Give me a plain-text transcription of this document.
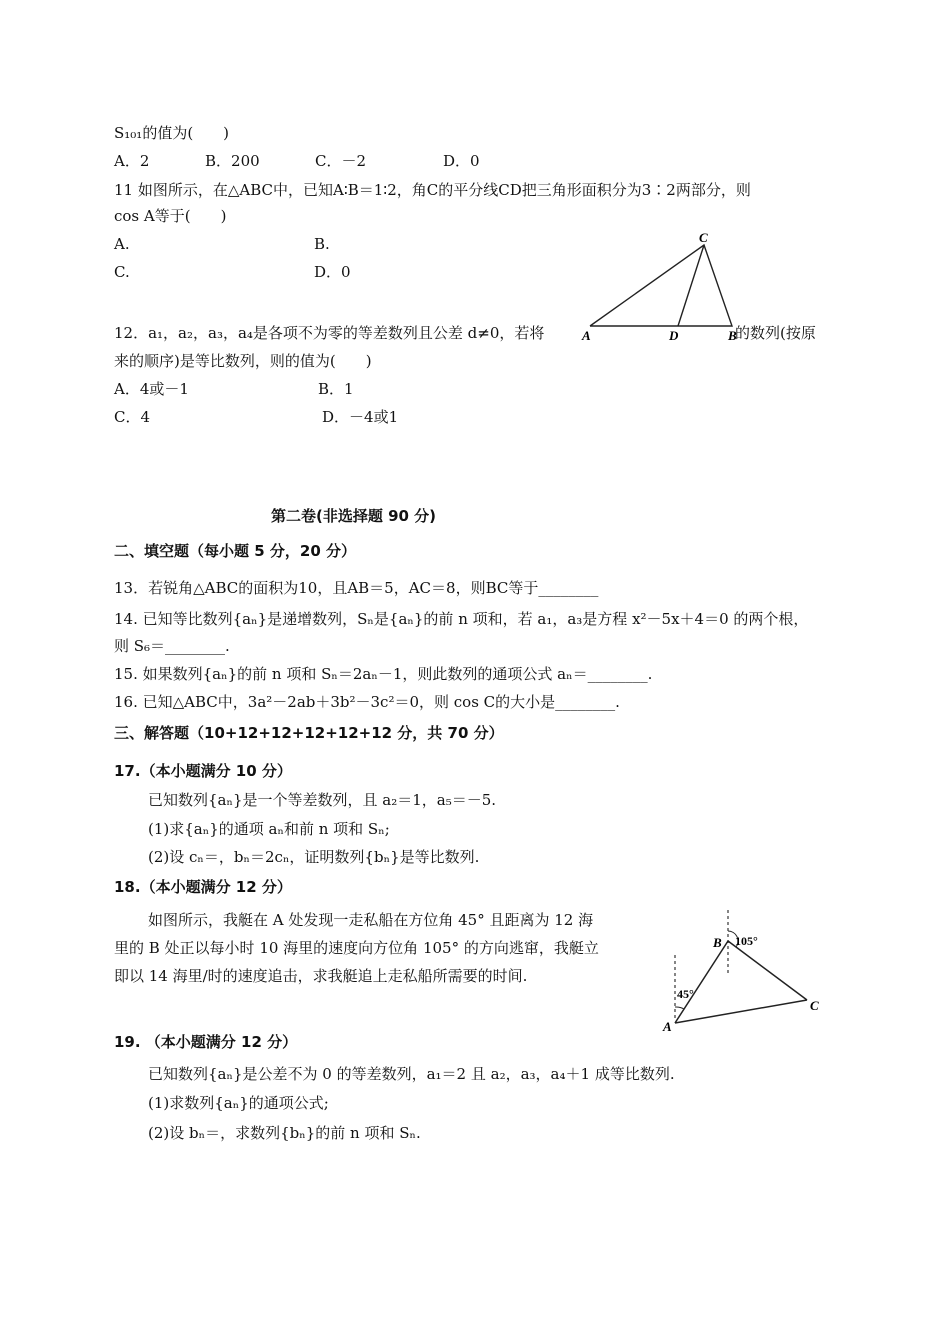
S₁₀₁的值为(　　)
A．2	B．200	C．－2	D．0
11 如图所示，在△ABC中，已知A∶B＝1∶2，角C的平分线CD把三角形面积分为3∶2两部分，则
cos A等于(　　)
A.	B.
C.	D．0
12．a₁，a₂，a₃，a₄是各项不为零的等差数列且公差 d≠0，若将	的数列(按原
来的顺序)是等比数列，则的值为(　　)
A．4或－1	B．1
C．4	D．－4或1
C
A	D	B
第二卷(非选择题 90 分)
二、填空题（每小题 5 分，20 分）
13．若锐角△ABC的面积为10，且AB＝5，AC＝8，则BC等于________
14. 已知等比数列{aₙ}是递增数列，Sₙ是{aₙ}的前 n 项和，若 a₁，a₃是方程 x²－5x＋4＝0 的两个根，
则 S₆＝________.
15. 如果数列{aₙ}的前 n 项和 Sₙ＝2aₙ－1，则此数列的通项公式 aₙ＝________.
16. 已知△ABC中，3a²－2ab＋3b²－3c²＝0，则 cos C的大小是________.
三、解答题（10+12+12+12+12+12 分，共 70 分）
17.（本小题满分 10 分）
已知数列{aₙ}是一个等差数列，且 a₂＝1，a₅＝－5.
(1)求{aₙ}的通项 aₙ和前 n 项和 Sₙ;
(2)设 cₙ＝，bₙ＝2cₙ，证明数列{bₙ}是等比数列.
18.（本小题满分 12 分）
如图所示，我艇在 A 处发现一走私船在方位角 45° 且距离为 12 海
里的 B 处正以每小时 10 海里的速度向方位角 105° 的方向逃窜，我艇立
即以 14 海里/时的速度追击，求我艇追上走私船所需要的时间.
B
A
C
105°
45°
19. （本小题满分 12 分）
已知数列{aₙ}是公差不为 0 的等差数列，a₁＝2 且 a₂，a₃，a₄＋1 成等比数列.
(1)求数列{aₙ}的通项公式;
(2)设 bₙ＝，求数列{bₙ}的前 n 项和 Sₙ.
